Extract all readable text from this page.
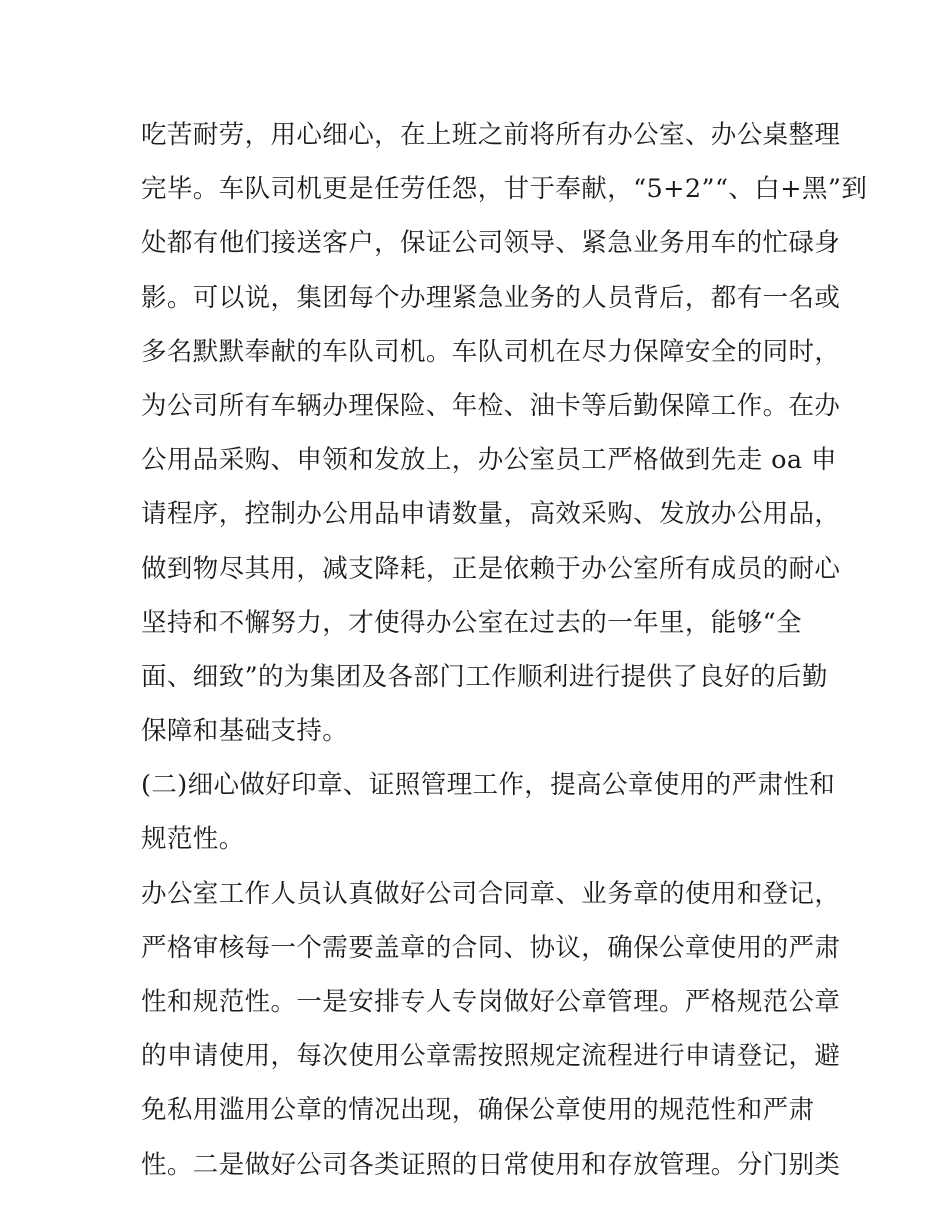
吃苦耐劳，用心细心，在上班之前将所有办公室、办公桌整理
完毕。车队司机更是任劳任怨，甘于奉献，“5+2”“、白+黑”到
处都有他们接送客户，保证公司领导、紧急业务用车的忙碌身
影。可以说，集团每个办理紧急业务的人员背后，都有一名或
多名默默奉献的车队司机。车队司机在尽力保障安全的同时，
为公司所有车辆办理保险、年检、油卡等后勤保障工作。在办
公用品采购、申领和发放上，办公室员工严格做到先走 oa 申
请程序，控制办公用品申请数量，高效采购、发放办公用品，
做到物尽其用，减支降耗，正是依赖于办公室所有成员的耐心
坚持和不懈努力，才使得办公室在过去的一年里，能够“全
面、细致”的为集团及各部门工作顺利进行提供了良好的后勤
保障和基础支持。
(二)细心做好印章、证照管理工作，提高公章使用的严肃性和
规范性。
办公室工作人员认真做好公司合同章、业务章的使用和登记，
严格审核每一个需要盖章的合同、协议，确保公章使用的严肃
性和规范性。一是安排专人专岗做好公章管理。严格规范公章
的申请使用，每次使用公章需按照规定流程进行申请登记，避
免私用滥用公章的情况出现，确保公章使用的规范性和严肃
性。二是做好公司各类证照的日常使用和存放管理。分门别类
